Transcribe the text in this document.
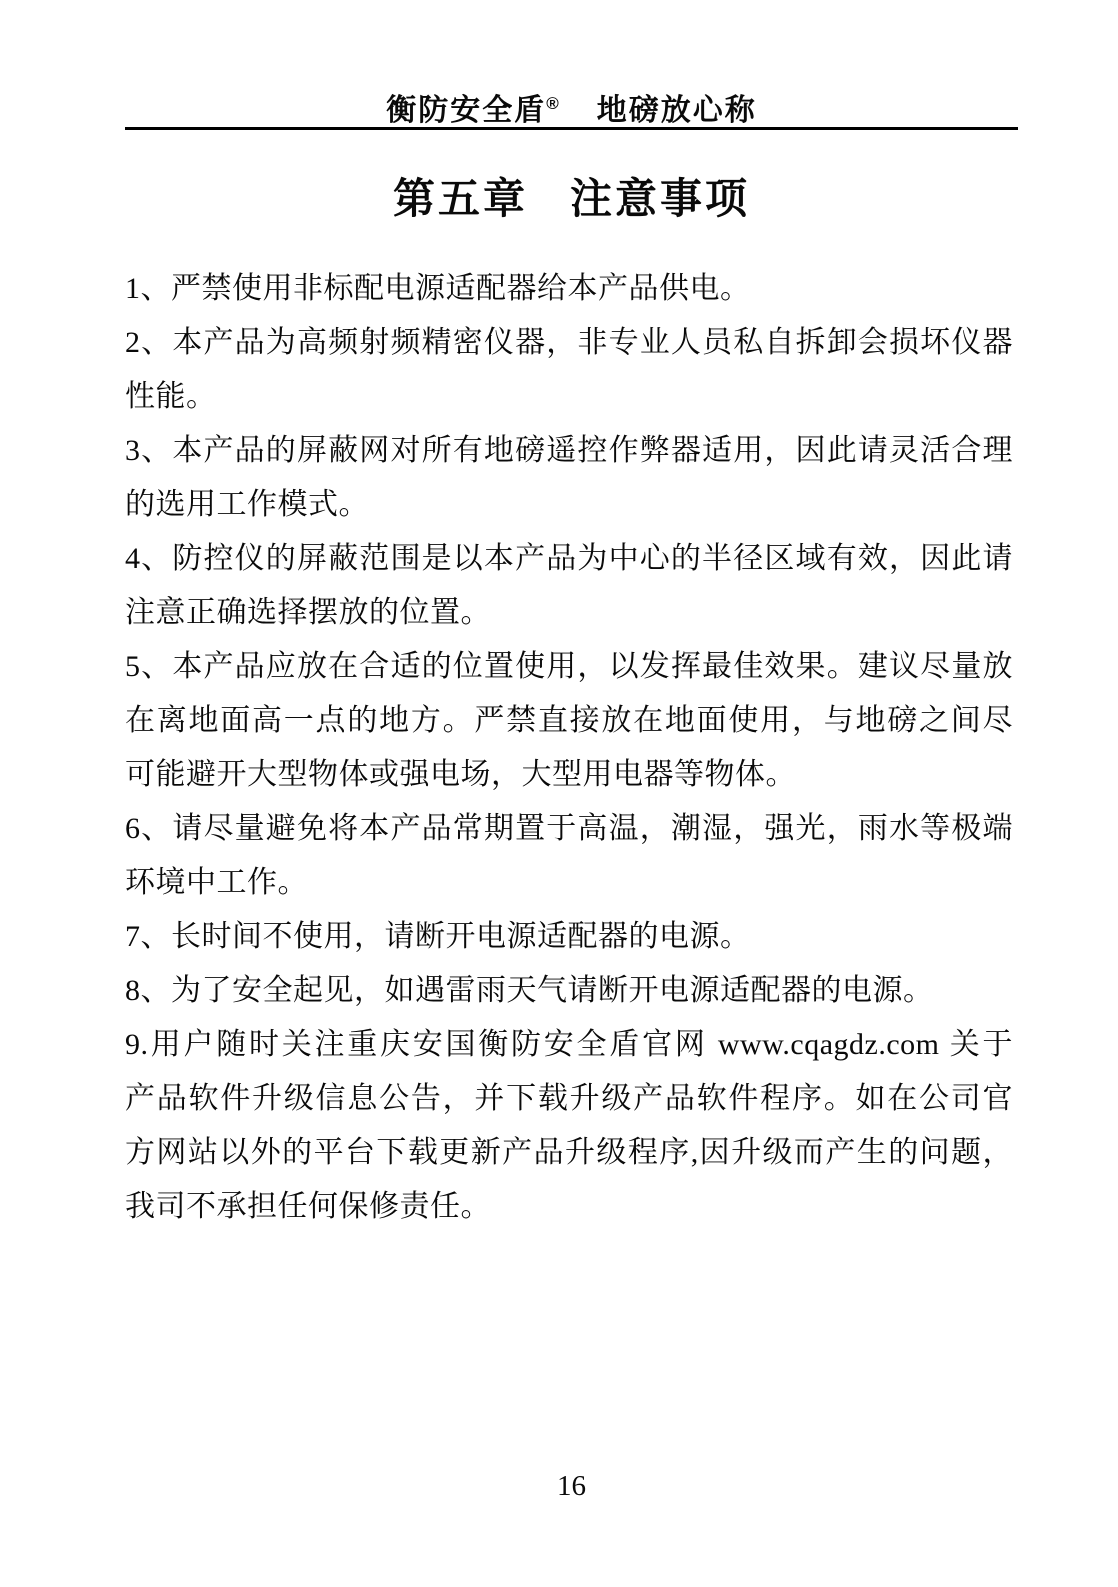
衡防安全盾® 地磅放心称
第五章 注意事项
1、严禁使用非标配电源适配器给本产品供电。
2、本产品为高频射频精密仪器，非专业人员私自拆卸会损坏仪器
性能。
3、本产品的屏蔽网对所有地磅遥控作弊器适用，因此请灵活合理
的选用工作模式。
4、防控仪的屏蔽范围是以本产品为中心的半径区域有效，因此请
注意正确选择摆放的位置。
5、本产品应放在合适的位置使用，以发挥最佳效果。建议尽量放
在离地面高一点的地方。严禁直接放在地面使用，与地磅之间尽
可能避开大型物体或强电场，大型用电器等物体。
6、请尽量避免将本产品常期置于高温，潮湿，强光，雨水等极端
环境中工作。
7、长时间不使用，请断开电源适配器的电源。
8、为了安全起见，如遇雷雨天气请断开电源适配器的电源。
9.用户随时关注重庆安国衡防安全盾官网 www.cqagdz.com 关于
产品软件升级信息公告，并下载升级产品软件程序。如在公司官
方网站以外的平台下载更新产品升级程序,因升级而产生的问题，
我司不承担任何保修责任。
16
